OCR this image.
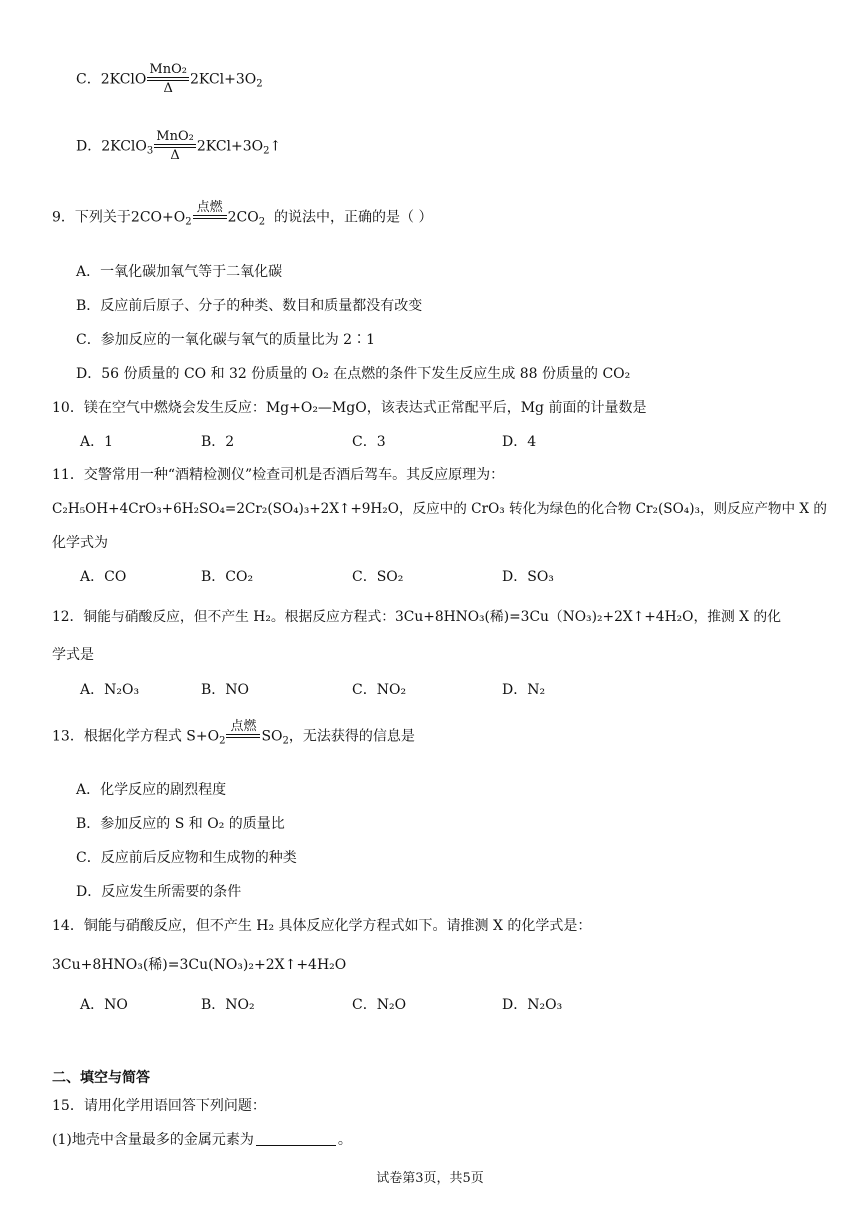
C．2KClO
MnO₂
Δ
$2KCl+3O_2$
D．2KClO$_3$
MnO₂
Δ
$2KCl+3O_2↑$
9．下列关于$2CO+O_2$
点燃
$2CO_2$ 的说法中，正确的是（ ）
A．一氧化碳加氧气等于二氧化碳
B．反应前后原子、分子的种类、数目和质量都没有改变
C．参加反应的一氧化碳与氧气的质量比为 2∶1
D．56 份质量的 CO 和 32 份质量的 O₂ 在点燃的条件下发生反应生成 88 份质量的 CO₂
10．镁在空气中燃烧会发生反应：Mg+O₂—MgO，该表达式正常配平后，Mg 前面的计量数是
A．1	B．2	C．3	D．4
11．交警常用一种“酒精检测仪”检查司机是否酒后驾车。其反应原理为：
C₂H₅OH+4CrO₃+6H₂SO₄=2Cr₂(SO₄)₃+2X↑+9H₂O，反应中的 CrO₃ 转化为绿色的化合物 Cr₂(SO₄)₃，则反应产物中 X 的
化学式为
A．CO	B．CO₂	C．SO₂	D．SO₃
12．铜能与硝酸反应，但不产生 H₂。根据反应方程式：3Cu+8HNO₃(稀)=3Cu（NO₃)₂+2X↑+4H₂O，推测 X 的化
学式是
A．N₂O₃	B．NO	C．NO₂	D．N₂
13．根据化学方程式 $S+O_2$
点燃
$SO_2$，无法获得的信息是
A．化学反应的剧烈程度
B．参加反应的 S 和 O₂ 的质量比
C．反应前后反应物和生成物的种类
D．反应发生所需要的条件
14．铜能与硝酸反应，但不产生 H₂ 具体反应化学方程式如下。请推测 X 的化学式是：
3Cu+8HNO₃(稀)=3Cu(NO₃)₂+2X↑+4H₂O
A．NO	B．NO₂	C．N₂O	D．N₂O₃
二、填空与简答
15．请用化学用语回答下列问题：
(1)地壳中含量最多的金属元素为	。
试卷第3页，共5页
